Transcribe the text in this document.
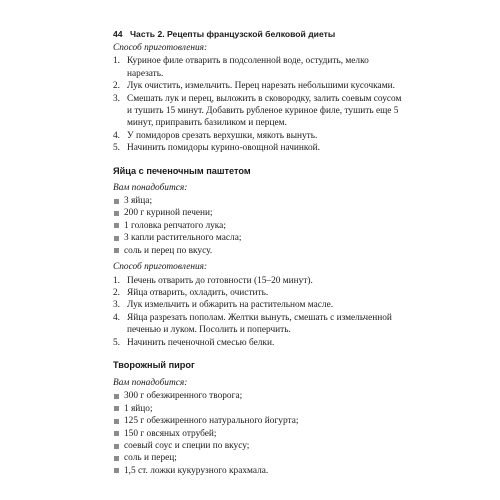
44 Часть 2. Рецепты французской белковой диеты

Способ приготовления:

1. Куриное филе отварить в подсоленной воде, остудить, мелко нарезать.
2. Лук очистить, измельчить. Перец нарезать небольшими кусочками.
3. Смешать лук и перец, выложить в сковородку, залить соевым соусом и тушить 15 минут. Добавить рубленое куриное филе, тушить еще 5 минут, приправить базиликом и перцем.
4. У помидоров срезать верхушки, мякоть вынуть.
5. Начинить помидоры курино-овощной начинкой.
Яйца с печеночным паштетом

Вам понадобится:

3 яйца;
200 г куриной печени;
1 головка репчатого лука;
3 капли растительного масла;
соль и перец по вкусу.

Способ приготовления:

1. Печень отварить до готовности (15–20 минут).
2. Яйца отварить, охладить, очистить.
3. Лук измельчить и обжарить на растительном масле.
4. Яйца разрезать пополам. Желтки вынуть, смешать с измельченной печенью и луком. Посолить и поперчить.
5. Начинить печеночной смесью белки.
Творожный пирог

Вам понадобится:

300 г обезжиренного творога;
1 яйцо;
125 г обезжиренного натурального йогурта;
150 г овсяных отрубей;
соевый соус и специи по вкусу;
соль и перец;
1,5 ст. ложки кукурузного крахмала.
